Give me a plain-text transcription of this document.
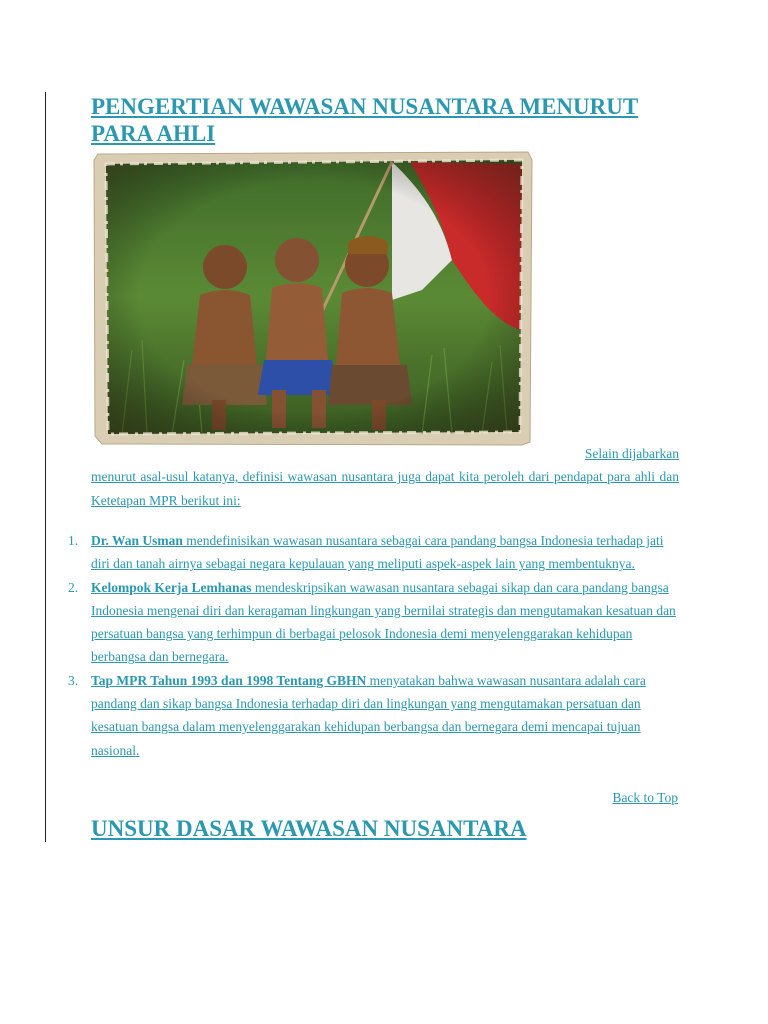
PENGERTIAN WAWASAN NUSANTARA MENURUT PARA AHLI
Selain dijabarkan
menurut asal-usul katanya, definisi wawasan nusantara juga dapat kita peroleh dari pendapat para ahli dan Ketetapan MPR berikut ini:
1. Dr. Wan Usman mendefinisikan wawasan nusantara sebagai cara pandang bangsa Indonesia terhadap jati diri dan tanah airnya sebagai negara kepulauan yang meliputi aspek-aspek lain yang membentuknya.
2. Kelompok Kerja Lemhanas mendeskripsikan wawasan nusantara sebagai sikap dan cara pandang bangsa Indonesia mengenai diri dan keragaman lingkungan yang bernilai strategis dan mengutamakan kesatuan dan persatuan bangsa yang terhimpun di berbagai pelosok Indonesia demi menyelenggarakan kehidupan berbangsa dan bernegara.
3. Tap MPR Tahun 1993 dan 1998 Tentang GBHN menyatakan bahwa wawasan nusantara adalah cara pandang dan sikap bangsa Indonesia terhadap diri dan lingkungan yang mengutamakan persatuan dan kesatuan bangsa dalam menyelenggarakan kehidupan berbangsa dan bernegara demi mencapai tujuan nasional.
Back to Top
UNSUR DASAR WAWASAN NUSANTARA
